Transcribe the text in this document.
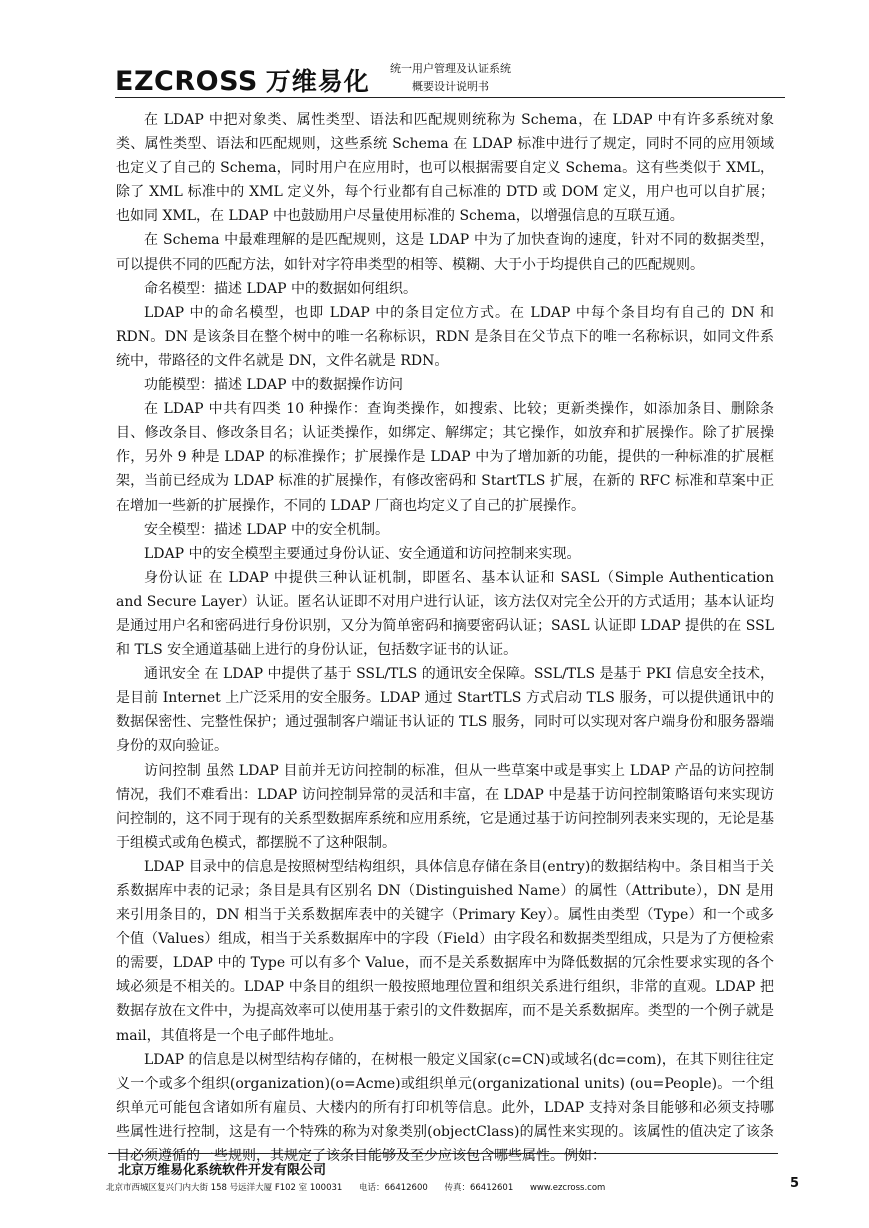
EZCROSS 万维易化 统一用户管理及认证系统
概要设计说明书

在 LDAP 中把对象类、属性类型、语法和匹配规则统称为 Schema，在 LDAP 中有许多系统对象类、属性类型、语法和匹配规则，这些系统 Schema 在 LDAP 标准中进行了规定，同时不同的应用领域也定义了自己的 Schema，同时用户在应用时，也可以根据需要自定义 Schema。这有些类似于 XML，除了 XML 标准中的 XML 定义外，每个行业都有自己标准的 DTD 或 DOM 定义，用户也可以自扩展；也如同 XML，在 LDAP 中也鼓励用户尽量使用标准的 Schema，以增强信息的互联互通。

在 Schema 中最难理解的是匹配规则，这是 LDAP 中为了加快查询的速度，针对不同的数据类型，可以提供不同的匹配方法，如针对字符串类型的相等、模糊、大于小于均提供自己的匹配规则。

命名模型：描述 LDAP 中的数据如何组织。

LDAP 中的命名模型，也即 LDAP 中的条目定位方式。在 LDAP 中每个条目均有自己的 DN 和 RDN。DN 是该条目在整个树中的唯一名称标识，RDN 是条目在父节点下的唯一名称标识，如同文件系统中，带路径的文件名就是 DN，文件名就是 RDN。

功能模型：描述 LDAP 中的数据操作访问

在 LDAP 中共有四类 10 种操作：查询类操作，如搜索、比较；更新类操作，如添加条目、删除条目、修改条目、修改条目名；认证类操作，如绑定、解绑定；其它操作，如放弃和扩展操作。除了扩展操作，另外 9 种是 LDAP 的标准操作；扩展操作是 LDAP 中为了增加新的功能，提供的一种标准的扩展框架，当前已经成为 LDAP 标准的扩展操作，有修改密码和 StartTLS 扩展，在新的 RFC 标准和草案中正在增加一些新的扩展操作，不同的 LDAP 厂商也均定义了自己的扩展操作。

安全模型：描述 LDAP 中的安全机制。

LDAP 中的安全模型主要通过身份认证、安全通道和访问控制来实现。

身份认证 在 LDAP 中提供三种认证机制，即匿名、基本认证和 SASL（Simple Authentication and Secure Layer）认证。匿名认证即不对用户进行认证，该方法仅对完全公开的方式适用；基本认证均是通过用户名和密码进行身份识别，又分为简单密码和摘要密码认证；SASL 认证即 LDAP 提供的在 SSL 和 TLS 安全通道基础上进行的身份认证，包括数字证书的认证。

通讯安全 在 LDAP 中提供了基于 SSL/TLS 的通讯安全保障。SSL/TLS 是基于 PKI 信息安全技术，是目前 Internet 上广泛采用的安全服务。LDAP 通过 StartTLS 方式启动 TLS 服务，可以提供通讯中的数据保密性、完整性保护；通过强制客户端证书认证的 TLS 服务，同时可以实现对客户端身份和服务器端身份的双向验证。

访问控制 虽然 LDAP 目前并无访问控制的标准，但从一些草案中或是事实上 LDAP 产品的访问控制情况，我们不难看出：LDAP 访问控制异常的灵活和丰富，在 LDAP 中是基于访问控制策略语句来实现访问控制的，这不同于现有的关系型数据库系统和应用系统，它是通过基于访问控制列表来实现的，无论是基于组模式或角色模式，都摆脱不了这种限制。

LDAP 目录中的信息是按照树型结构组织，具体信息存储在条目(entry)的数据结构中。条目相当于关系数据库中表的记录；条目是具有区别名 DN（Distinguished Name）的属性（Attribute），DN 是用来引用条目的，DN 相当于关系数据库表中的关键字（Primary Key）。属性由类型（Type）和一个或多个值（Values）组成，相当于关系数据库中的字段（Field）由字段名和数据类型组成，只是为了方便检索的需要，LDAP 中的 Type 可以有多个 Value，而不是关系数据库中为降低数据的冗余性要求实现的各个域必须是不相关的。LDAP 中条目的组织一般按照地理位置和组织关系进行组织，非常的直观。LDAP 把数据存放在文件中，为提高效率可以使用基于索引的文件数据库，而不是关系数据库。类型的一个例子就是 mail，其值将是一个电子邮件地址。

LDAP 的信息是以树型结构存储的，在树根一般定义国家(c=CN)或域名(dc=com)，在其下则往往定义一个或多个组织(organization)(o=Acme)或组织单元(organizational units) (ou=People)。一个组织单元可能包含诸如所有雇员、大楼内的所有打印机等信息。此外，LDAP 支持对条目能够和必须支持哪些属性进行控制，这是有一个特殊的称为对象类别(objectClass)的属性来实现的。该属性的值决定了该条目必须遵循的一些规则，其规定了该条目能够及至少应该包含哪些属性。例如：

北京万维易化系统软件开发有限公司
北京市西城区复兴门内大街 158 号远洋大厦 F102 室 100031 电话：66412600 传真：66412601 www.ezcross.com	5
